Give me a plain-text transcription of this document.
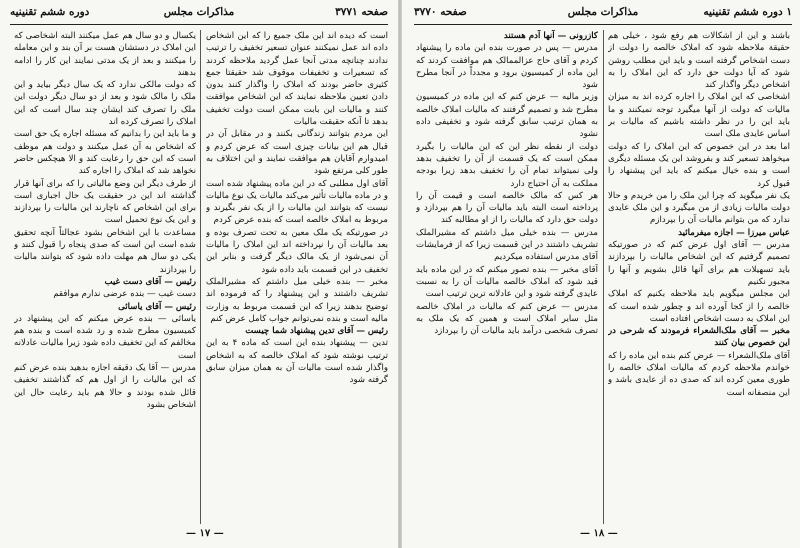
صفحه ۳۷۷۱
مذاکرات مجلس
دوره ششم تقنینیه

است که دیده اند این ملک جمیع را که این اشخاص داده اند عمل نمیکنند عنوان تسعیر تخفیف را ترتیب ندادند چنانچه مدتی آنجا عمل گردید ملاحظه کردند که تسعیرات و تخفیفات موقوف شد حقیقتا جمع کثیری حاضر بودند که املاک را واگذار کنند بدون دادن تعیین ملاحظه نمایند که این اشخاص موافقت کنند و مالیات این بابت ممکن است دولت تخفیف بدهد تا آنکه حقیقت مالیات

این مردم بتوانند زندگانی بکنند و در مقابل آن در قبال هم این بیانات چیزی است که عرض کردم و امیدوارم آقایان هم موافقت نمایند و این اختلاف به طور کلی مرتفع شود

آقای اول مطلبی که در این ماده پیشنهاد شده است و در ماده مالیات تأثیر می‌کند مالیات یک نوع مالیات نیست که بتوانند این مالیات را از یک نفر بگیرند و مربوط به املاک خالصه است که بنده عرض کردم

در صورتیکه یک ملک معین به تحت تصرف بوده و بعد مالیات آن را نپرداخته اند این املاک را مالیات آن نمی‌شود از یک مالک دیگر گرفت و بنابر این تخفیف در این قسمت باید داده شود

مخبر — بنده خیلی میل داشتم که مشیرالملک تشریف داشتند و این پیشنهاد را که فرموده اند توضیح بدهند زیرا که این قسمت مربوط به وزارت مالیه است و بنده نمی‌توانم جواب کامل عرض کنم

رئیس — آقای تدین پیشنهاد شما چیست

تدین — پیشنهاد بنده این است که ماده ۴ به این ترتیب نوشته شود که املاک خالصه که به اشخاص واگذار شده است مالیات آن به همان میزان سابق گرفته شود

یکسال و دو سال هم عمل میکنند البته اشخاصی که این املاک در دستشان هست بر آن بند و این معامله را میکنند و بعد از یک مدتی نمایند این کار را ادامه بدهند

که دولت مالکی ندارد که یک سال دیگر بیاید و این ملک را مالک شود و بعد از دو سال دیگر دولت این ملک را تصرف کند ایشان چند سال است که این املاک را تصرف کرده اند

و ما باید این را بدانیم که مسئله اجاره یک حق است که اشخاص به آن عمل میکنند و دولت هم موظف است که این حق را رعایت کند و الا هیچکس حاضر نخواهد شد که املاک را اجاره کند

از طرف دیگر این وضع مالیاتی را که برای آنها قرار گذاشته اند این در حقیقت یک حال اجباری است برای این اشخاص که ناچارند این مالیات را بپردازند و این یک نوع تحمیل است

مساعدت با این اشخاص بشود عجالتاً آنچه تحقیق شده است این است که صدی پنجاه را قبول کنند و یکی دو سال هم مهلت داده شود که بتوانند مالیات را بپردازند

رئیس — آقای دست غیب

دست غیب — بنده عرضی ندارم موافقم

رئیس — آقای یاسائی

یاسائی — بنده عرض میکنم که این پیشنهاد در کمیسیون مطرح شده و رد شده است و بنده هم مخالفم که این تخفیف داده شود زیرا مالیات عادلانه است

مدرس — آقا یک دقیقه اجازه بدهید بنده عرض کنم که این مالیات را از اول هم که گذاشتند تخفیف قائل شده بودند و حالا هم باید رعایت حال این اشخاص بشود

— ۱۷ —
۱ دوره ششم تقنینیه
مذاکرات مجلس
صفحه ۳۷۷۰

باشند و این از اشکالات هم رفع شود ، خیلی هم حقیقة ملاحظه شود که املاک خالصه را دولت از دست اشخاص گرفته است و باید این مطلب روشن شود که آیا دولت حق دارد که این املاک را به اشخاص دیگر واگذار کند

اشخاصی که این املاک را اجاره کرده اند به میزان مالیات که دولت از آنها میگیرد توجه نمیکنند و ما باید این را در نظر داشته باشیم که مالیات بر اساس عایدی ملک است

اما بعد در این خصوص که این املاک را که دولت میخواهد تسعیر کند و بفروشد این یک مسئله دیگری است و بنده خیال میکنم که باید این پیشنهاد را قبول کرد

یک نفر میگوید که چرا این ملک را من خریدم و حالا دولت مالیات زیادی از من میگیرد و این ملک عایدی ندارد که من بتوانم مالیات آن را بپردازم

عباس میرزا — اجازه میفرمائید

مدرس — آقای اول عرض کنم که در صورتیکه تصمیم گرفتیم که این اشخاص مالیات را بپردازند باید تسهیلات هم برای آنها قائل بشویم و آنها را مجبور نکنیم

این مجلس میگویم باید ملاحظه بکنیم که املاک خالصه را از کجا آورده اند و چطور شده است که این املاک به دست اشخاص افتاده است

مخبر — آقای ملک‌الشعراء فرمودند که شرحی در این خصوص بیان کنند

آقای ملک‌الشعراء — عرض کنم بنده این ماده را که خواندم ملاحظه کردم که مالیات املاک خالصه را طوری معین کرده اند که صدی ده از عایدی باشد و این منصفانه است

کازرونی — آنها آدم هستند

مدرس — پس در صورت بنده این ماده را پیشنهاد کردم و آقای حاج عز‌الممالک هم موافقت کردند که این ماده از کمیسیون برود و مجدداً در آنجا مطرح شود

وزیر مالیه — عرض کنم که این ماده در کمیسیون مطرح شد و تصمیم گرفتند که مالیات املاک خالصه به همان ترتیب سابق گرفته شود و تخفیفی داده نشود

دولت از نقطه نظر این که این مالیات را بگیرد ممکن است که یک قسمت از آن را تخفیف بدهد ولی نمیتواند تمام آن را تخفیف بدهد زیرا بودجه مملکت به آن احتیاج دارد

هر کس که مالک خالصه است و قیمت آن را پرداخته است البته باید مالیات آن را هم بپردازد و دولت حق دارد که مالیات را از او مطالبه کند

مدرس — بنده خیلی میل داشتم که مشیرالملک تشریف داشتند در این قسمت زیرا که از فرمایشات آقای مدرس استفاده میکردیم

آقای مخبر — بنده تصور میکنم که در این ماده باید قید شود که املاک خالصه مالیات آن را به نسبت عایدی گرفته شود و این عادلانه ترین ترتیب است

مدرس — عرض کنم که مالیات در املاک خالصه مثل سایر املاک است و همین که یک ملک به تصرف شخصی درآمد باید مالیات آن را بپردازد

— ۱۸ —
